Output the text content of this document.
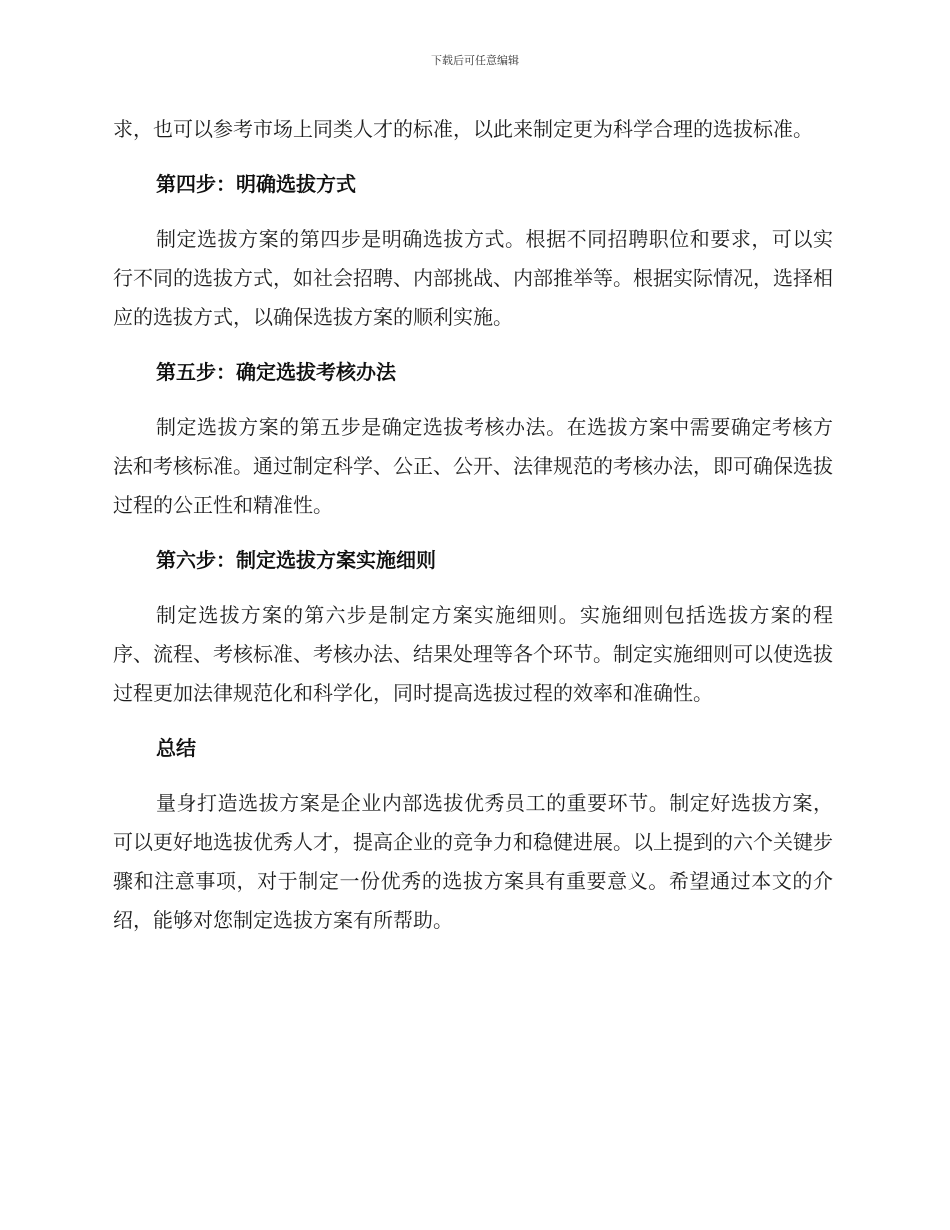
下载后可任意编辑

求，也可以参考市场上同类人才的标准，以此来制定更为科学合理的选拔标准。

第四步：明确选拔方式

制定选拔方案的第四步是明确选拔方式。根据不同招聘职位和要求，可以实行不同的选拔方式，如社会招聘、内部挑战、内部推举等。根据实际情况，选择相应的选拔方式，以确保选拔方案的顺利实施。

第五步：确定选拔考核办法

制定选拔方案的第五步是确定选拔考核办法。在选拔方案中需要确定考核方法和考核标准。通过制定科学、公正、公开、法律规范的考核办法，即可确保选拔过程的公正性和精准性。

第六步：制定选拔方案实施细则

制定选拔方案的第六步是制定方案实施细则。实施细则包括选拔方案的程序、流程、考核标准、考核办法、结果处理等各个环节。制定实施细则可以使选拔过程更加法律规范化和科学化，同时提高选拔过程的效率和准确性。

总结

量身打造选拔方案是企业内部选拔优秀员工的重要环节。制定好选拔方案，可以更好地选拔优秀人才，提高企业的竞争力和稳健进展。以上提到的六个关键步骤和注意事项，对于制定一份优秀的选拔方案具有重要意义。希望通过本文的介绍，能够对您制定选拔方案有所帮助。
